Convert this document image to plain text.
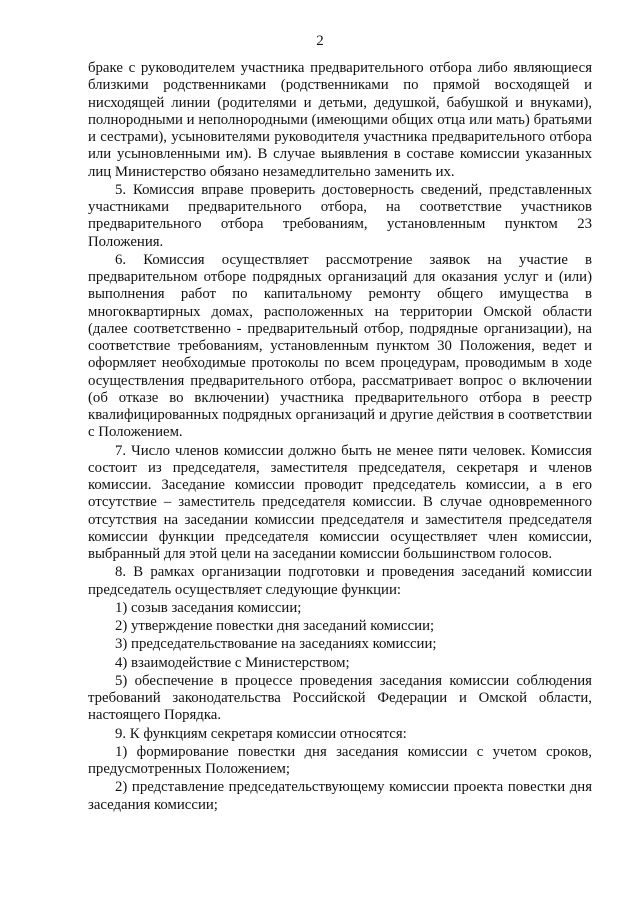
2

браке с руководителем участника предварительного отбора либо являющиеся близкими родственниками (родственниками по прямой восходящей и нисходящей линии (родителями и детьми, дедушкой, бабушкой и внуками), полнородными и неполнородными (имеющими общих отца или мать) братьями и сестрами), усыновителями руководителя участника предварительного отбора или усыновленными им). В случае выявления в составе комиссии указанных лиц Министерство обязано незамедлительно заменить их.

5. Комиссия вправе проверить достоверность сведений, представленных участниками предварительного отбора, на соответствие участников предварительного отбора требованиям, установленным пунктом 23 Положения.

6. Комиссия осуществляет рассмотрение заявок на участие в предварительном отборе подрядных организаций для оказания услуг и (или) выполнения работ по капитальному ремонту общего имущества в многоквартирных домах, расположенных на территории Омской области (далее соответственно - предварительный отбор, подрядные организации), на соответствие требованиям, установленным пунктом 30 Положения, ведет и оформляет необходимые протоколы по всем процедурам, проводимым в ходе осуществления предварительного отбора, рассматривает вопрос о включении (об отказе во включении) участника предварительного отбора в реестр квалифицированных подрядных организаций и другие действия в соответствии с Положением.

7. Число членов комиссии должно быть не менее пяти человек. Комиссия состоит из председателя, заместителя председателя, секретаря и членов комиссии. Заседание комиссии проводит председатель комиссии, а в его отсутствие – заместитель председателя комиссии. В случае одновременного отсутствия на заседании комиссии председателя и заместителя председателя комиссии функции председателя комиссии осуществляет член комиссии, выбранный для этой цели на заседании комиссии большинством голосов.

8. В рамках организации подготовки и проведения заседаний комиссии председатель осуществляет следующие функции:

1) созыв заседания комиссии;

2) утверждение повестки дня заседаний комиссии;

3) председательствование на заседаниях комиссии;

4) взаимодействие с Министерством;

5) обеспечение в процессе проведения заседания комиссии соблюдения требований законодательства Российской Федерации и Омской области, настоящего Порядка.

9. К функциям секретаря комиссии относятся:

1) формирование повестки дня заседания комиссии с учетом сроков, предусмотренных Положением;

2) представление председательствующему комиссии проекта повестки дня заседания комиссии;
